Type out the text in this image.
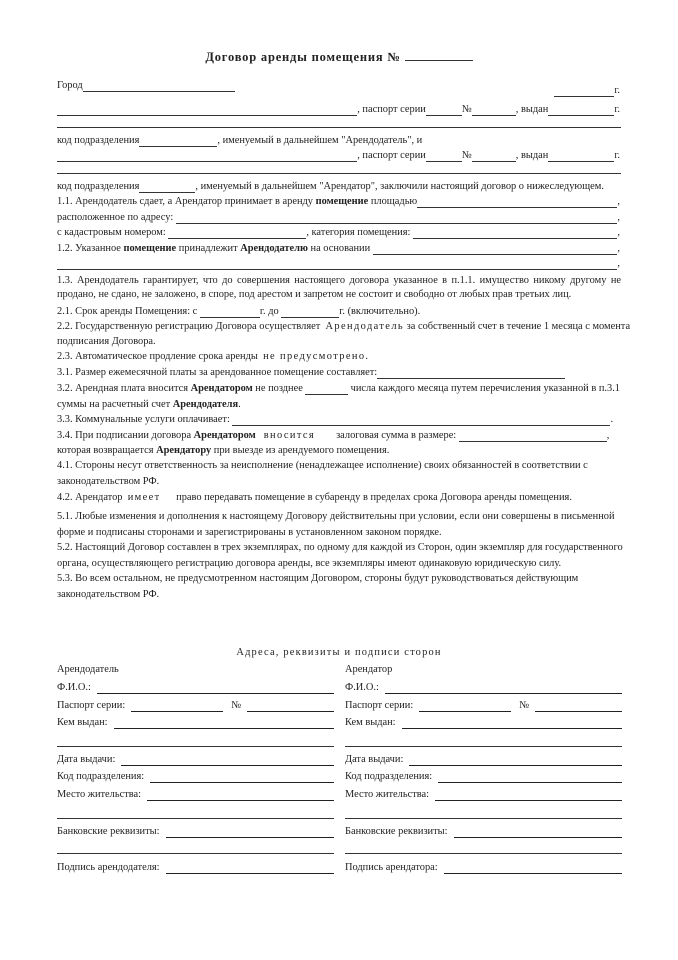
Договор аренды помещения №
Город	г.
, паспорт серии	№	, выдан	г.
код подразделения	, именуемый в дальнейшем "Арендодатель", и
, паспорт серии	№	, выдан	г.
код подразделения	, именуемый в дальнейшем "Арендатор", заключили настоящий договор о нижеследующем.
1.1. Арендодатель сдает, а Арендатор принимает в аренду помещение площадью	,
расположенное по адресу:	,
с кадастровым номером:	, категория помещения:	,
1.2. Указанное помещение принадлежит Арендодателю на основании	,
,
1.3. Арендодатель гарантирует, что до совершения настоящего договора указанное в п.1.1. имущество никому другому не продано, не сдано, не заложено, в споре, под арестом и запретом не состоит и свободно от любых прав третьих лиц.
2.1. Срок аренды Помещения: с	г. до	г. (включительно).
2.2. Государственную регистрацию Договора осуществляет Арендодатель за собственный счет в течение 1 месяца с момента
подписания Договора.
2.3. Автоматическое продление срока аренды не предусмотрено.
3.1. Размер ежемесячной платы за арендованное помещение составляет:
3.2. Арендная плата вносится Арендатором не позднее	числа каждого месяца путем перечисления указанной в п.3.1
суммы на расчетный счет Арендодателя .
3.3. Коммунальные услуги оплачивает:	.
3.4. При подписании договора Арендатором вносится залоговая сумма в размере:	,
которая возвращается Арендатору при выезде из арендуемого помещения.
4.1. Стороны несут ответственность за неисполнение (ненадлежащее исполнение) своих обязанностей в соответствии с
законодательством РФ.
4.2. Арендатор имеет право передавать помещение в субаренду в пределах срока Договора аренды помещения.
5.1. Любые изменения и дополнения к настоящему Договору действительны при условии, если они совершены в письменной
форме и подписаны сторонами и зарегистрированы в установленном законом порядке.
5.2. Настоящий Договор составлен в трех экземплярах, по одному для каждой из Сторон, один экземпляр для государственного
органа, осуществляющего регистрацию договора аренды, все экземпляры имеют одинаковую юридическую силу.
5.3. Во всем остальном, не предусмотренном настоящим Договором, стороны будут руководствоваться действующим
законодательством РФ.
Адреса, реквизиты и подписи сторон
Арендодатель
Ф.И.О.:
Паспорт серии:	№
Кем выдан:
Дата выдачи:
Код подразделения:
Место жительства:
Банковские реквизиты:
Подпись арендодателя:
Арендатор
Ф.И.О.:
Паспорт серии:	№
Кем выдан:
Дата выдачи:
Код подразделения:
Место жительства:
Банковские реквизиты:
Подпись арендатора:
